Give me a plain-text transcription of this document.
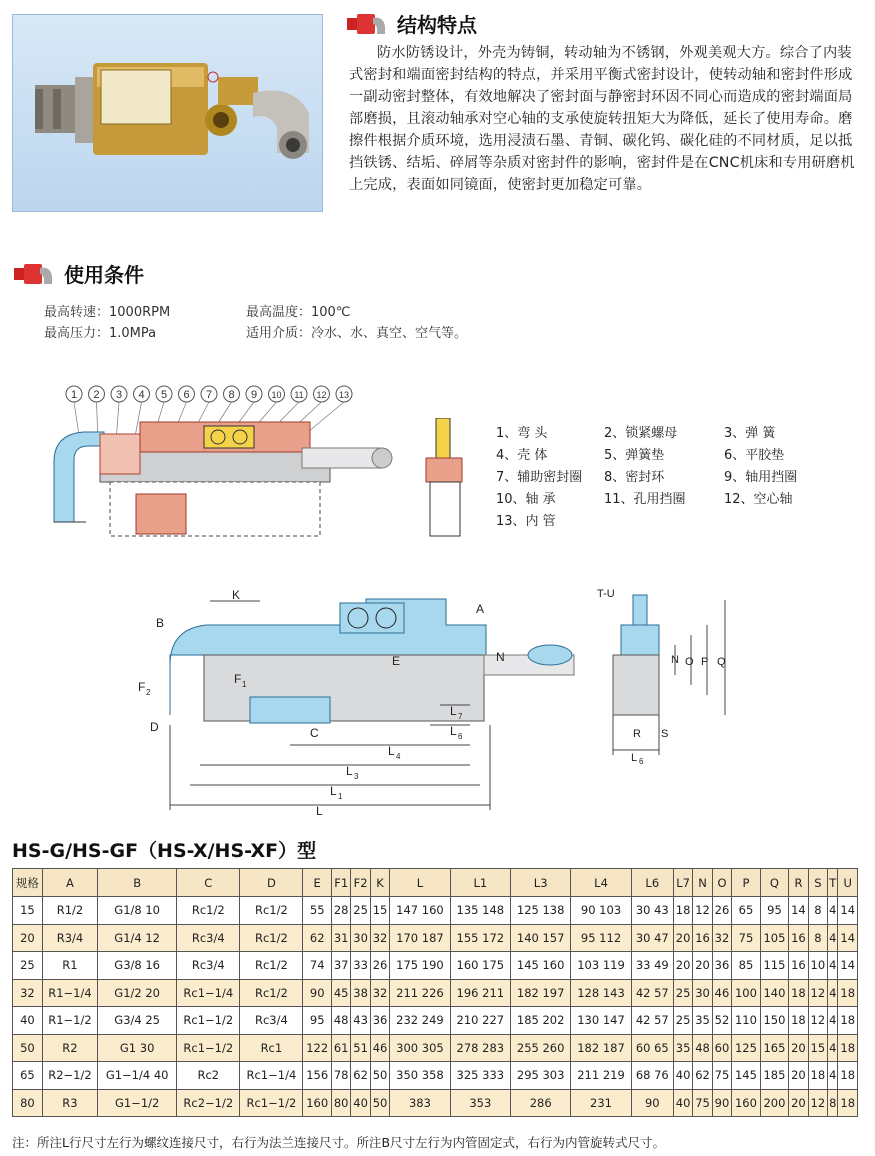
结构特点
防水防锈设计，外壳为铸铜，转动轴为不锈钢，外观美观大方。综合了内装式密封和端面密封结构的特点，并采用平衡式密封设计，使转动轴和密封件形成一副动密封整体，有效地解决了密封面与静密封环因不同心而造成的密封端面局部磨损，且滚动轴承对空心轴的支承使旋转扭矩大为降低，延长了使用寿命。磨擦件根据介质环境，选用浸渍石墨、青铜、碳化钨、碳化硅的不同材质，足以抵挡铁锈、结垢、碎屑等杂质对密封件的影响，密封件是在CNC机床和专用研磨机上完成，表面如同镜面，使密封更加稳定可靠。
使用条件
最高转速：1000RPM
最高压力：1.0MPa
最高温度：100℃
适用介质：冷水、水、真空、空气等。
1 2 3 4 5 6 7 8 9 10 11 12 13
1、弯 头	2、锁紧螺母	3、弹 簧
4、壳 体	5、弹簧垫	6、平胶垫
7、辅助密封圈 8、密封环	9、轴用挡圈
10、轴 承	11、孔用挡圈	12、空心轴
13、内 管
K
B
A
F 2
F 1
D	C
E	N
L 7
L 6
L 4
L 3
L 1
L
T-U
N O P Q
R S
L 6
HS-G/HS-GF（HS-X/HS-XF）型
规格	A	B	C	D	E	F1	F2	K	L	L1	L3	L4	L6	L7	N	O	P	Q	R	S	T	U
15	R1/2	G1/8 10	Rc1/2	Rc1/2	55	28	25	15	147 160	135 148	125 138	90 103	30 43	18	12	26	65	95	14	8	4	14
20	R3/4	G1/4 12	Rc3/4	Rc1/2	62	31	30	32	170 187	155 172	140 157	95 112	30 47	20	16	32	75	105	16	8	4	14
25	R1	G3/8 16	Rc3/4	Rc1/2	74	37	33	26	175 190	160 175	145 160	103 119	33 49	20	20	36	85	115	16	10	4	14
32	R1−1/4	G1/2 20	Rc1−1/4	Rc1/2	90	45	38	32	211 226	196 211	182 197	128 143	42 57	25	30	46	100	140	18	12	4	18
40	R1−1/2	G3/4 25	Rc1−1/2	Rc3/4	95	48	43	36	232 249	210 227	185 202	130 147	42 57	25	35	52	110	150	18	12	4	18
50	R2	G1 30	Rc1−1/2	Rc1	122	61	51	46	300 305	278 283	255 260	182 187	60 65	35	48	60	125	165	20	15	4	18
65	R2−1/2	G1−1/4 40	Rc2	Rc1−1/4	156	78	62	50	350 358	325 333	295 303	211 219	68 76	40	62	75	145	185	20	18	4	18
80	R3	G1−1/2	Rc2−1/2	Rc1−1/2	160	80	40	50	383	353	286	231	90	40	75	90	160	200	20	12	8	18
注：所注L行尺寸左行为螺纹连接尺寸，右行为法兰连接尺寸。所注B尺寸左行为内管固定式，右行为内管旋转式尺寸。
